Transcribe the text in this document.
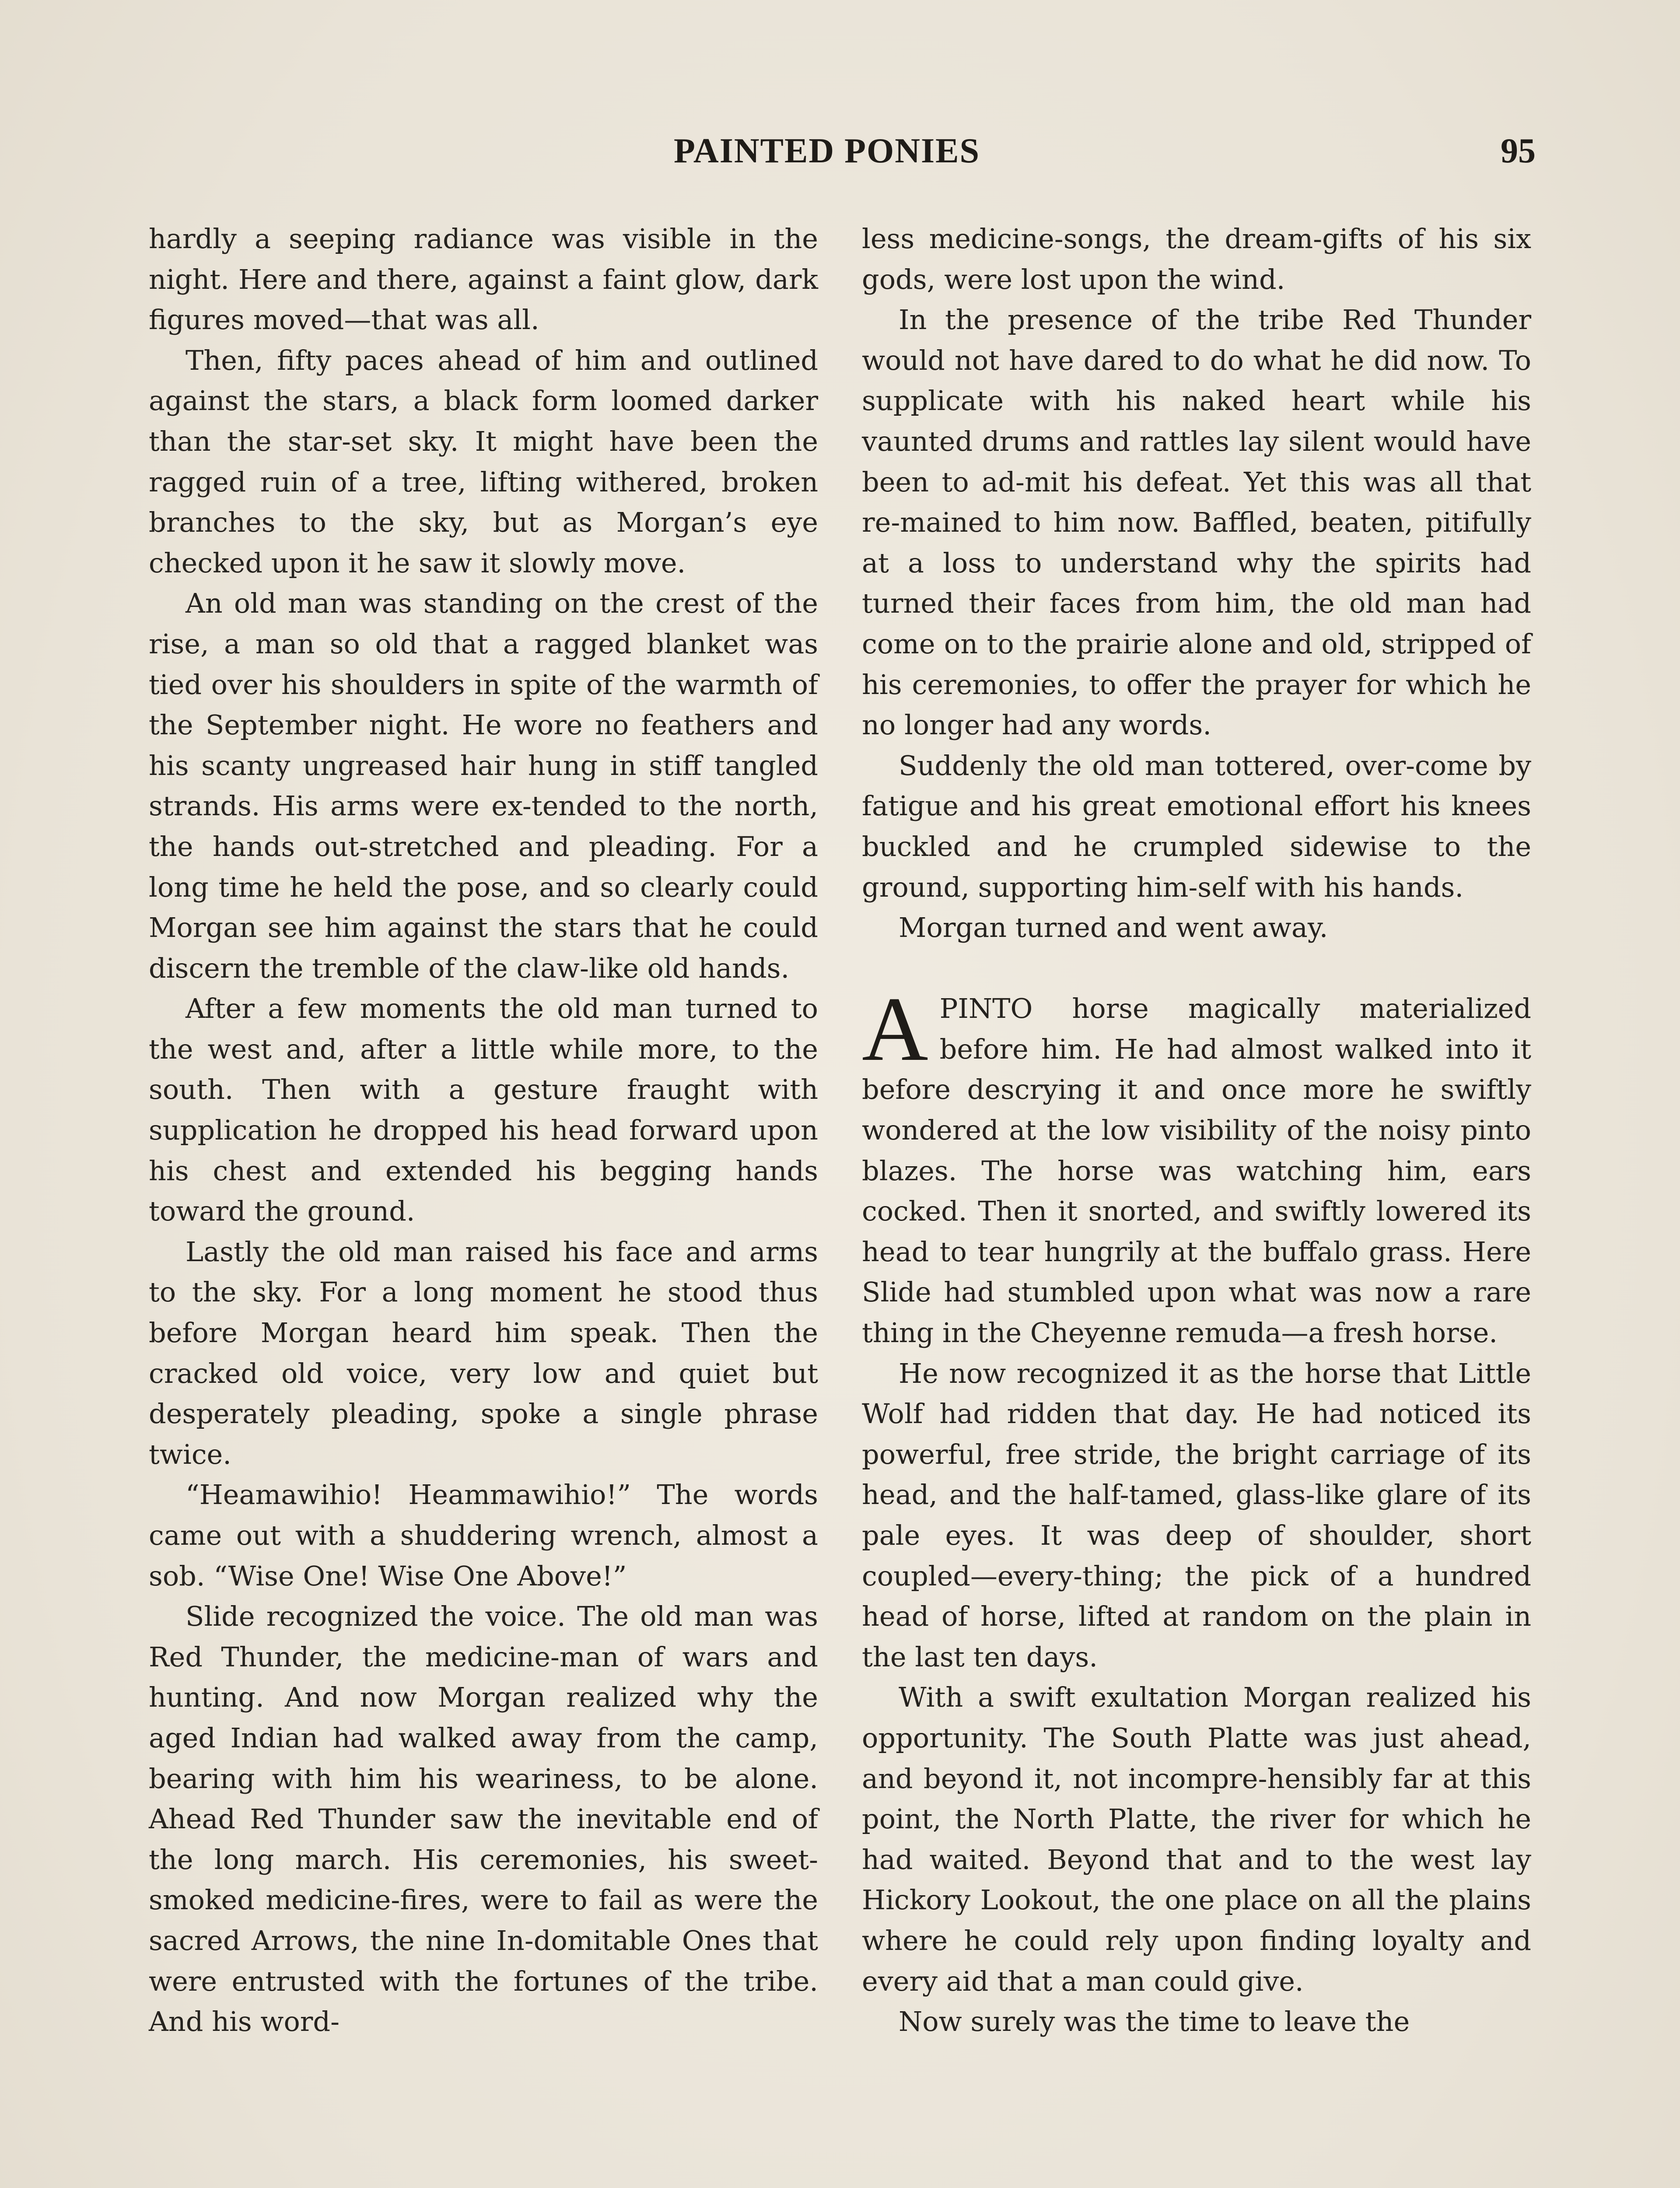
PAINTED PONIES	95

hardly a seeping radiance was visible in the night. Here and there, against a faint glow, dark figures moved—that was all.

Then, fifty paces ahead of him and outlined against the stars, a black form loomed darker than the star-set sky. It might have been the ragged ruin of a tree, lifting withered, broken branches to the sky, but as Morgan’s eye checked upon it he saw it slowly move.

An old man was standing on the crest of the rise, a man so old that a ragged blanket was tied over his shoulders in spite of the warmth of the September night. He wore no feathers and his scanty ungreased hair hung in stiff tangled strands. His arms were ex-tended to the north, the hands out-stretched and pleading. For a long time he held the pose, and so clearly could Morgan see him against the stars that he could discern the tremble of the claw-like old hands.

After a few moments the old man turned to the west and, after a little while more, to the south. Then with a gesture fraught with supplication he dropped his head forward upon his chest and extended his begging hands toward the ground.

Lastly the old man raised his face and arms to the sky. For a long moment he stood thus before Morgan heard him speak. Then the cracked old voice, very low and quiet but desperately pleading, spoke a single phrase twice.

“Heamawihio! Heammawihio!” The words came out with a shuddering wrench, almost a sob. “Wise One! Wise One Above!”

Slide recognized the voice. The old man was Red Thunder, the medicine-man of wars and hunting. And now Morgan realized why the aged Indian had walked away from the camp, bearing with him his weariness, to be alone. Ahead Red Thunder saw the inevitable end of the long march. His ceremonies, his sweet-smoked medicine-fires, were to fail as were the sacred Arrows, the nine In-domitable Ones that were entrusted with the fortunes of the tribe. And his word-

less medicine-songs, the dream-gifts of his six gods, were lost upon the wind.

In the presence of the tribe Red Thunder would not have dared to do what he did now. To supplicate with his naked heart while his vaunted drums and rattles lay silent would have been to ad-mit his defeat. Yet this was all that re-mained to him now. Baffled, beaten, pitifully at a loss to understand why the spirits had turned their faces from him, the old man had come on to the prairie alone and old, stripped of his ceremonies, to offer the prayer for which he no longer had any words.

Suddenly the old man tottered, over-come by fatigue and his great emotional effort his knees buckled and he crumpled sidewise to the ground, supporting him-self with his hands.

Morgan turned and went away.

APINTO horse magically materialized before him. He had almost walked into it before descrying it and once more he swiftly wondered at the low visibility of the noisy pinto blazes. The horse was watching him, ears cocked. Then it snorted, and swiftly lowered its head to tear hungrily at the buffalo grass. Here Slide had stumbled upon what was now a rare thing in the Cheyenne remuda—a fresh horse.

He now recognized it as the horse that Little Wolf had ridden that day. He had noticed its powerful, free stride, the bright carriage of its head, and the half-tamed, glass-like glare of its pale eyes. It was deep of shoulder, short coupled—every-thing; the pick of a hundred head of horse, lifted at random on the plain in the last ten days.

With a swift exultation Morgan realized his opportunity. The South Platte was just ahead, and beyond it, not incompre-hensibly far at this point, the North Platte, the river for which he had waited. Beyond that and to the west lay Hickory Lookout, the one place on all the plains where he could rely upon finding loyalty and every aid that a man could give.

Now surely was the time to leave the
